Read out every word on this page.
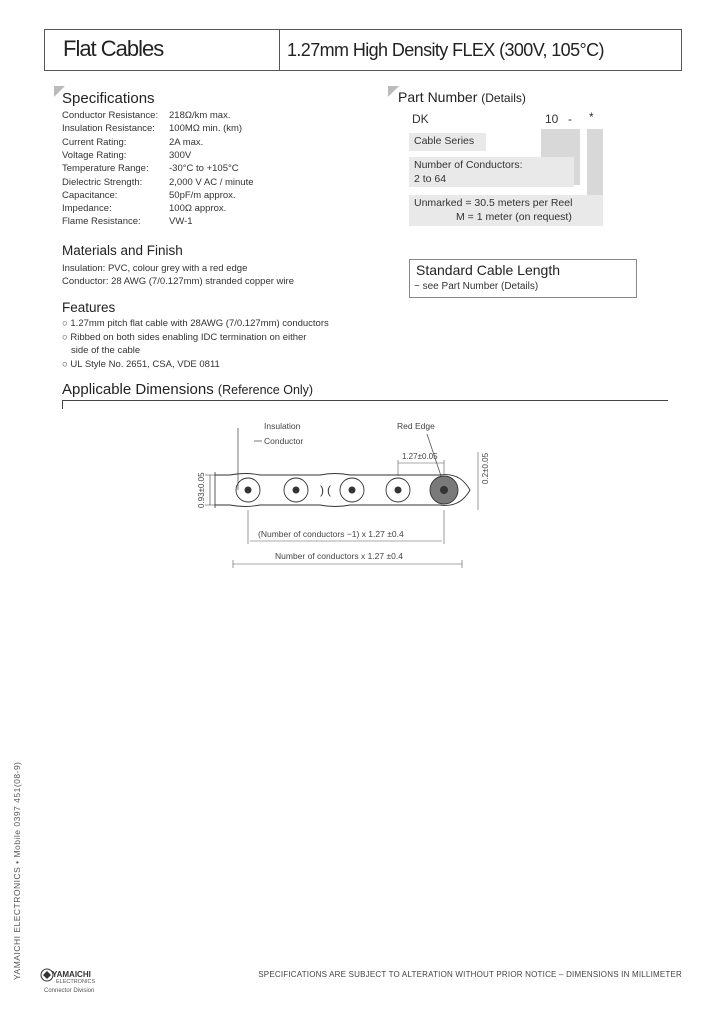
Flat Cables	1.27mm High Density FLEX (300V, 105°C)
Specifications
Conductor Resistance: 218Ω/km max.
Insulation Resistance: 100MΩ min. (km)
Current Rating:	2A max.
Voltage Rating:	300V
Temperature Range: -30°C to +105°C
Dielectric Strength:	2,000 V AC / minute
Capacitance:	50pF/m approx.
Impedance:	100Ω approx.
Flame Resistance:	VW-1
Materials and Finish
Insulation: PVC, colour grey with a red edge
Conductor: 28 AWG (7/0.127mm) stranded copper wire
Features
○ 1.27mm pitch flat cable with 28AWG (7/0.127mm) conductors
○ Ribbed on both sides enabling IDC termination on either
side of the cable
○ UL Style No. 2651, CSA, VDE 0811
Part Number (Details)
DK	10 - *
Cable Series
Number of Conductors:
2 to 64
Unmarked = 30.5 meters per Reel
M = 1 meter (on request)
Standard Cable Length
~ see Part Number (Details)
Applicable Dimensions (Reference Only)
Insulation
Conductor
Red Edge
0.93±0.05	) (
1.27±0.05	0.2±0.05
(Number of conductors −1) x 1.27 ±0.4
Number of conductors x 1.27 ±0.4
YAMAICHI ELECTRONICS • Mobile 0397 451(08-9)	YAMAICHI
ELECTRONICS
Connector Division
SPECIFICATIONS ARE SUBJECT TO ALTERATION WITHOUT PRIOR NOTICE – DIMENSIONS IN MILLIMETER
